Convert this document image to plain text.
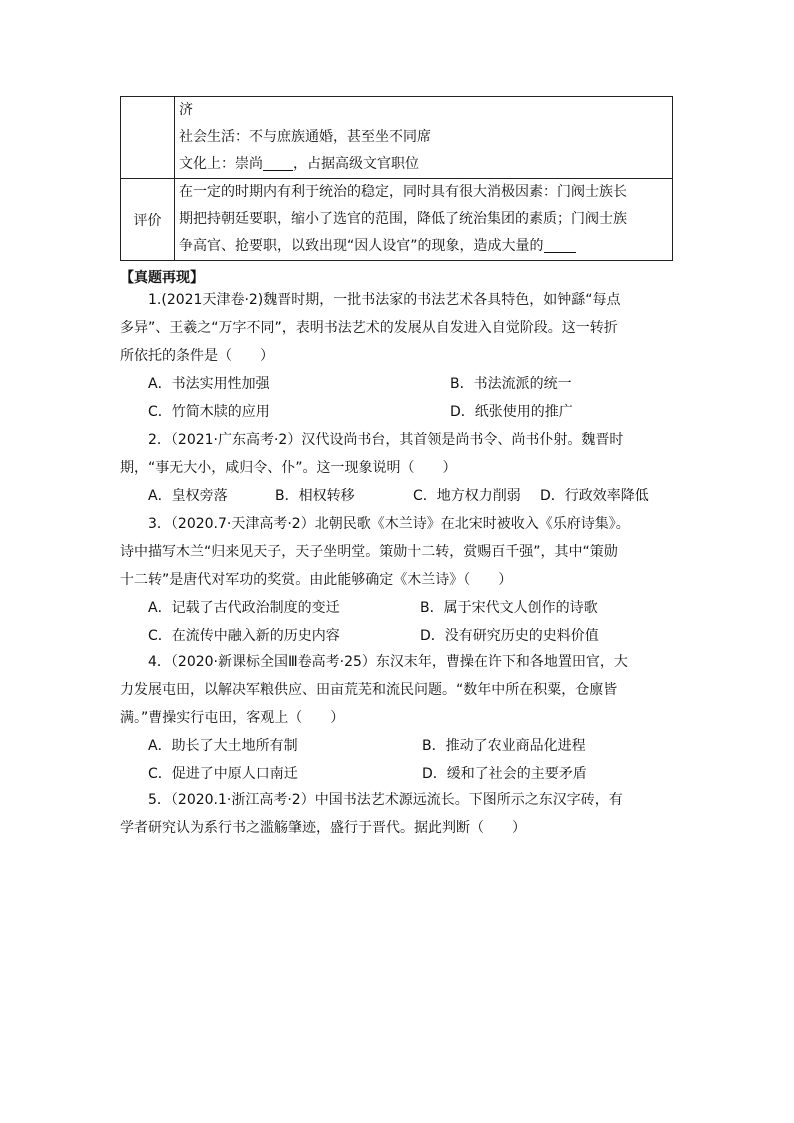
	济
社会生活：不与庶族通婚，甚至坐不同席
文化上：崇尚 ，占据高级文官职位

评价	在一定的时期内有利于统治的稳定，同时具有很大消极因素：门阀士族长
期把持朝廷要职，缩小了选官的范围，降低了统治集团的素质；门阀士族
争高官、抢要职，以致出现“因人设官”的现象，造成大量的
【真题再现】
1.(2021天津卷·2)魏晋时期，一批书法家的书法艺术各具特色，如钟繇“每点
多异”、王羲之“万字不同”，表明书法艺术的发展从自发进入自觉阶段。这一转折
所依托的条件是（　　）
A．书法实用性加强	B．书法流派的统一
C．竹简木牍的应用	D．纸张使用的推广
2．（2021·广东高考·2）汉代设尚书台，其首领是尚书令、尚书仆射。魏晋时
期，“事无大小，咸归令、仆”。这一现象说明（　　）
A．皇权旁落	B．相权转移	C．地方权力削弱 D．行政效率降低
3．（2020.7·天津高考·2）北朝民歌《木兰诗》在北宋时被收入《乐府诗集》。
诗中描写木兰“归来见天子，天子坐明堂。策勋十二转，赏赐百千强”，其中“策勋
十二转”是唐代对军功的奖赏。由此能够确定《木兰诗》（　　）
A．记载了古代政治制度的变迁	B．属于宋代文人创作的诗歌
C．在流传中融入新的历史内容	D．没有研究历史的史料价值
4．（2020·新课标全国Ⅲ卷高考·25）东汉末年，曹操在许下和各地置田官，大
力发展屯田，以解决军粮供应、田亩荒芜和流民问题。“数年中所在积粟，仓廪皆
满。”曹操实行屯田，客观上（　　）
A．助长了大土地所有制	B．推动了农业商品化进程
C．促进了中原人口南迁	D．缓和了社会的主要矛盾
5．（2020.1·浙江高考·2）中国书法艺术源远流长。下图所示之东汉字砖，有
学者研究认为系行书之滥觞肇迹，盛行于晋代。据此判断（　　）
